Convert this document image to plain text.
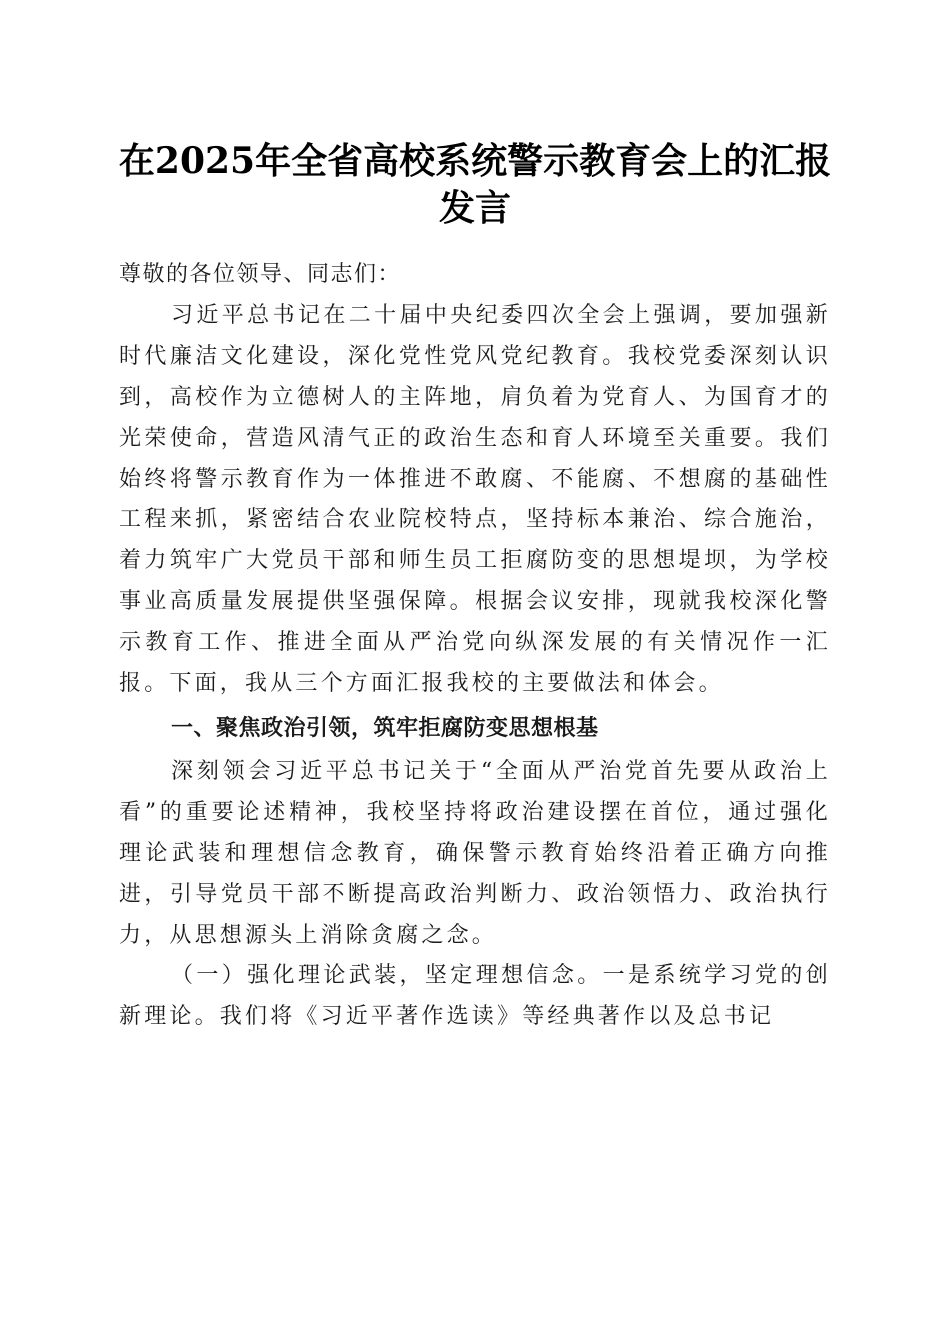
在2025年全省高校系统警示教育会上的汇报
发言

尊敬的各位领导、同志们：

习近平总书记在二十届中央纪委四次全会上强调，要加强新时代廉洁文化建设，深化党性党风党纪教育。我校党委深刻认识到，高校作为立德树人的主阵地，肩负着为党育人、为国育才的光荣使命，营造风清气正的政治生态和育人环境至关重要。我们始终将警示教育作为一体推进不敢腐、不能腐、不想腐的基础性工程来抓，紧密结合农业院校特点，坚持标本兼治、综合施治，着力筑牢广大党员干部和师生员工拒腐防变的思想堤坝，为学校事业高质量发展提供坚强保障。根据会议安排，现就我校深化警示教育工作、推进全面从严治党向纵深发展的有关情况作一汇报。下面，我从三个方面汇报我校的主要做法和体会。

一、聚焦政治引领，筑牢拒腐防变思想根基

深刻领会习近平总书记关于“全面从严治党首先要从政治上看”的重要论述精神，我校坚持将政治建设摆在首位，通过强化理论武装和理想信念教育，确保警示教育始终沿着正确方向推进，引导党员干部不断提高政治判断力、政治领悟力、政治执行力，从思想源头上消除贪腐之念。

（一）强化理论武装，坚定理想信念。一是系统学习党的创新理论。我们将《习近平著作选读》等经典著作以及总书记
